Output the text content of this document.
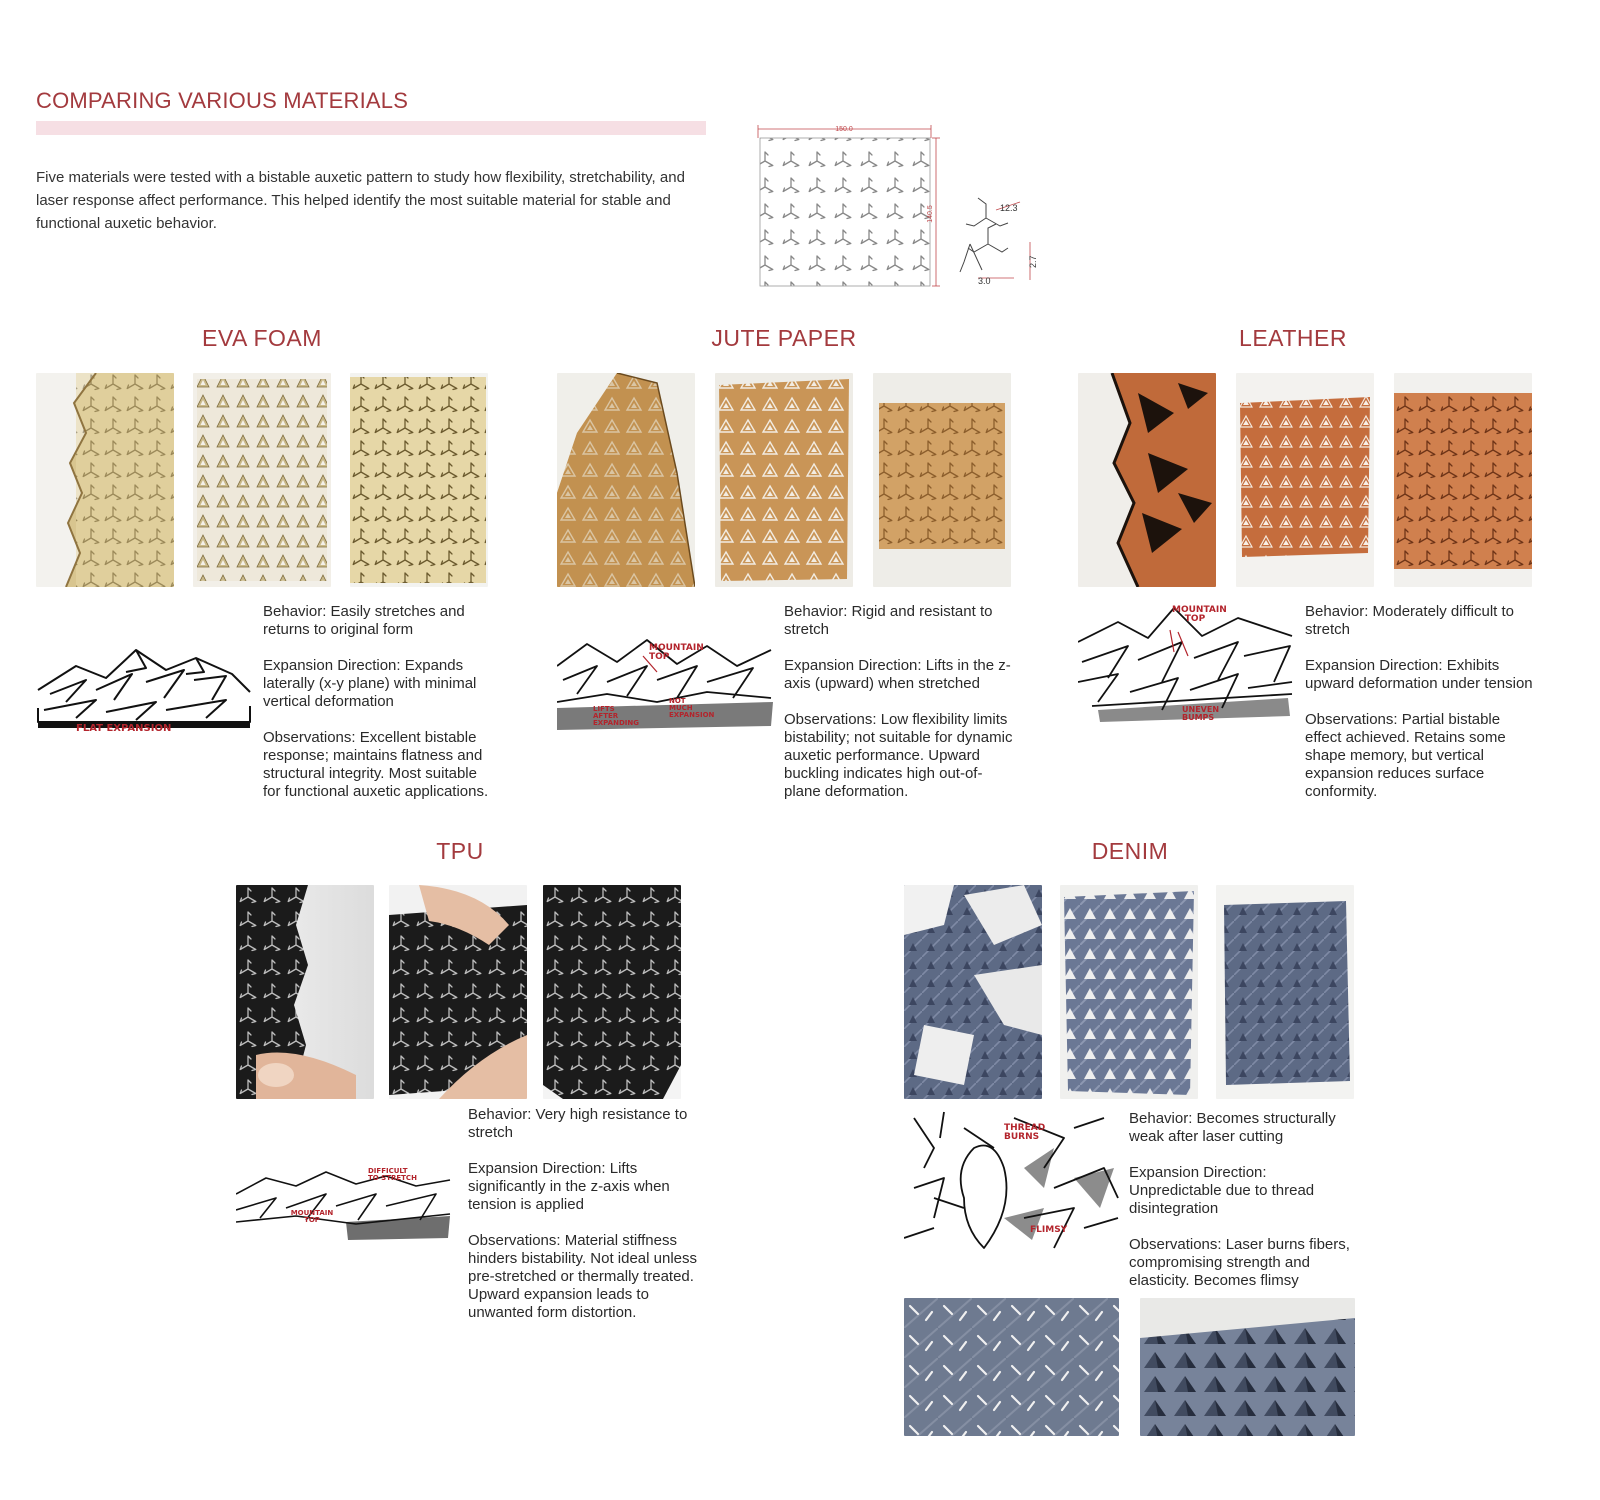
COMPARING VARIOUS MATERIALS
Five materials were tested with a bistable auxetic pattern to study how flexibility, stretchability, and laser response affect performance. This helped identify the most suitable material for stable and functional auxetic behavior.
150.0
140.5	12.3
3.0
2.7
EVA FOAM
FLAT EXPANSION

Behavior: Easily stretches and returns to original form

Expansion Direction: Expands laterally (x-y plane) with minimal vertical deformation

Observations: Excellent bistable response; maintains flatness and structural integrity. Most suitable for functional auxetic applications.

JUTE PAPER
MOUNTAIN TOP
NOT MUCH EXPANSION
LIFTS AFTER EXPANDING

Behavior: Rigid and resistant to stretch

Expansion Direction: Lifts in the z-axis (upward) when stretched

Observations: Low flexibility limits bistability; not suitable for dynamic auxetic performance. Upward buckling indicates high out-of-plane deformation.

LEATHER
MOUNTAIN TOP
UNEVEN BUMPS

Behavior: Moderately difficult to stretch

Expansion Direction: Exhibits upward deformation under tension

Observations: Partial bistable effect achieved. Retains some shape memory, but vertical expansion reduces surface conformity.

TPU
DIFFICULT TO STRETCH
MOUNTAIN TOP

Behavior: Very high resistance to stretch

Expansion Direction: Lifts significantly in the z-axis when tension is applied

Observations: Material stiffness hinders bistability. Not ideal unless pre-stretched or thermally treated. Upward expansion leads to unwanted form distortion.

DENIM
THREAD BURNS
FLIMSY

Behavior: Becomes structurally weak after laser cutting

Expansion Direction: Unpredictable due to thread disintegration

Observations: Laser burns fibers, compromising strength and elasticity. Becomes flimsy
